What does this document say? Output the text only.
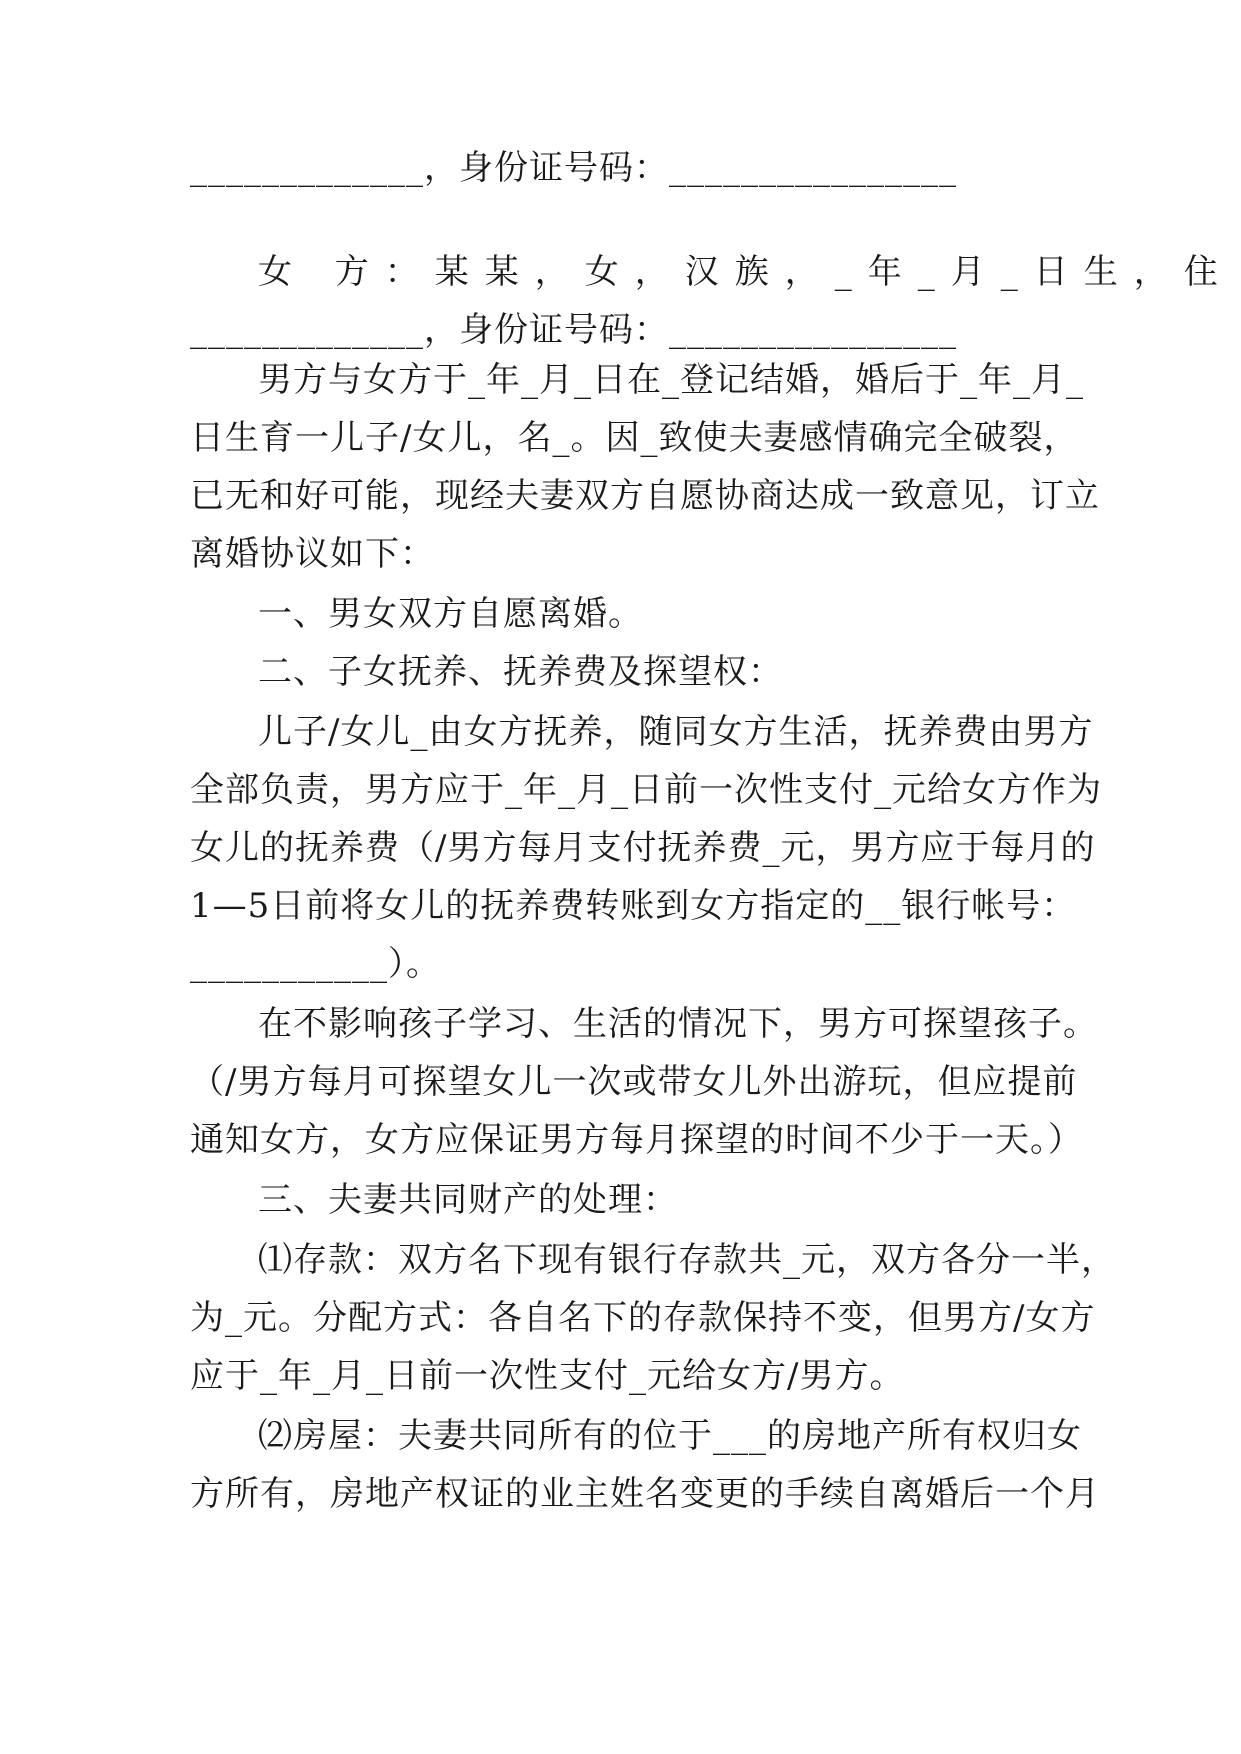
_____________，身份证号码：________________
女 方：某某，女，汉族，_年_月_日生，住
_____________，身份证号码：________________
男方与女方于_年_月_日在_登记结婚，婚后于_年_月_
日生育一儿子/女儿，名_。因_致使夫妻感情确完全破裂，
已无和好可能，现经夫妻双方自愿协商达成一致意见，订立
离婚协议如下：
一、男女双方自愿离婚。
二、子女抚养、抚养费及探望权：
儿子/女儿_由女方抚养，随同女方生活，抚养费由男方
全部负责，男方应于_年_月_日前一次性支付_元给女方作为
女儿的抚养费（/男方每月支付抚养费_元，男方应于每月的
1—5日前将女儿的抚养费转账到女方指定的__银行帐号：
___________）。
在不影响孩子学习、生活的情况下，男方可探望孩子。
（/男方每月可探望女儿一次或带女儿外出游玩，但应提前
通知女方，女方应保证男方每月探望的时间不少于一天。）
三、夫妻共同财产的处理：
⑴存款：双方名下现有银行存款共_元，双方各分一半，
为_元。分配方式：各自名下的存款保持不变，但男方/女方
应于_年_月_日前一次性支付_元给女方/男方。
⑵房屋：夫妻共同所有的位于___的房地产所有权归女
方所有，房地产权证的业主姓名变更的手续自离婚后一个月
